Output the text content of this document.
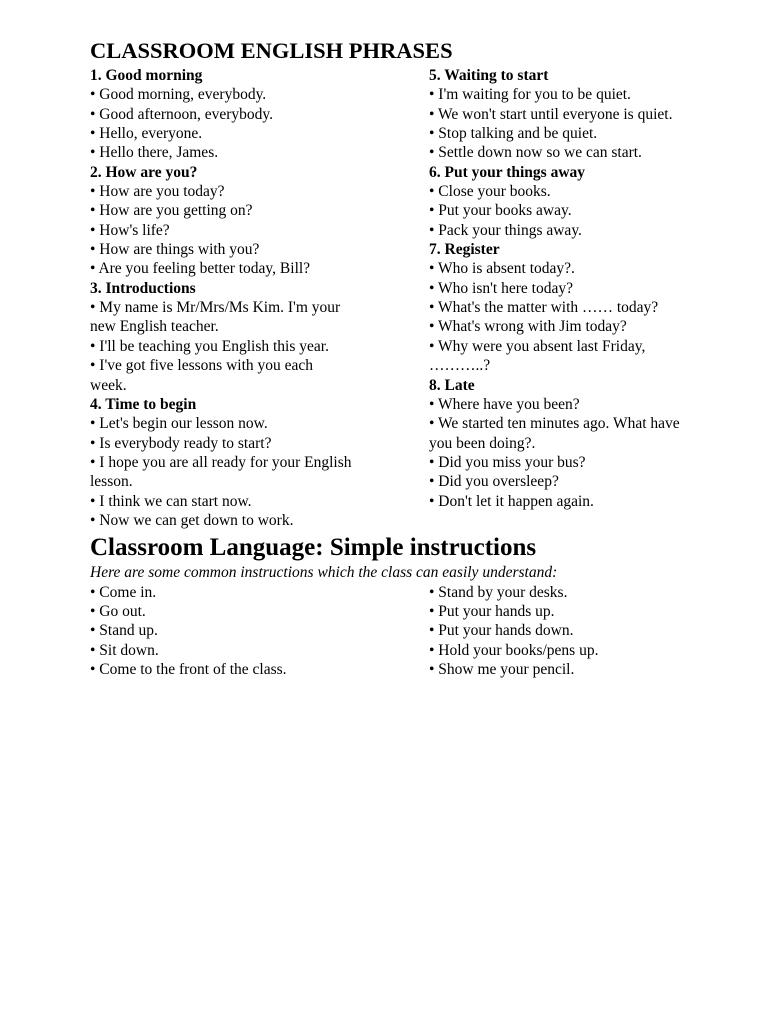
CLASSROOM ENGLISH PHRASES

1. Good morning

• Good morning, everybody.

• Good afternoon, everybody.

• Hello, everyone.

• Hello there, James.

2. How are you?

• How are you today?

• How are you getting on?

• How's life?

• How are things with you?

• Are you feeling better today, Bill?

3. Introductions

• My name is Mr/Mrs/Ms Kim. I'm your

new English teacher.

• I'll be teaching you English this year.

• I've got five lessons with you each

week.

4. Time to begin

• Let's begin our lesson now.

• Is everybody ready to start?

• I hope you are all ready for your English

lesson.

• I think we can start now.

• Now we can get down to work.

5. Waiting to start

• I'm waiting for you to be quiet.

• We won't start until everyone is quiet.

• Stop talking and be quiet.

• Settle down now so we can start.

6. Put your things away

• Close your books.

• Put your books away.

• Pack your things away.

7. Register

• Who is absent today?.

• Who isn't here today?

• What's the matter with …… today?

• What's wrong with Jim today?

• Why were you absent last Friday,

………..?

8. Late

• Where have you been?

• We started ten minutes ago. What have

you been doing?.

• Did you miss your bus?

• Did you oversleep?

• Don't let it happen again.

Classroom Language: Simple instructions

Here are some common instructions which the class can easily understand:

• Come in.

• Go out.

• Stand up.

• Sit down.

• Come to the front of the class.

• Stand by your desks.

• Put your hands up.

• Put your hands down.

• Hold your books/pens up.

• Show me your pencil.
